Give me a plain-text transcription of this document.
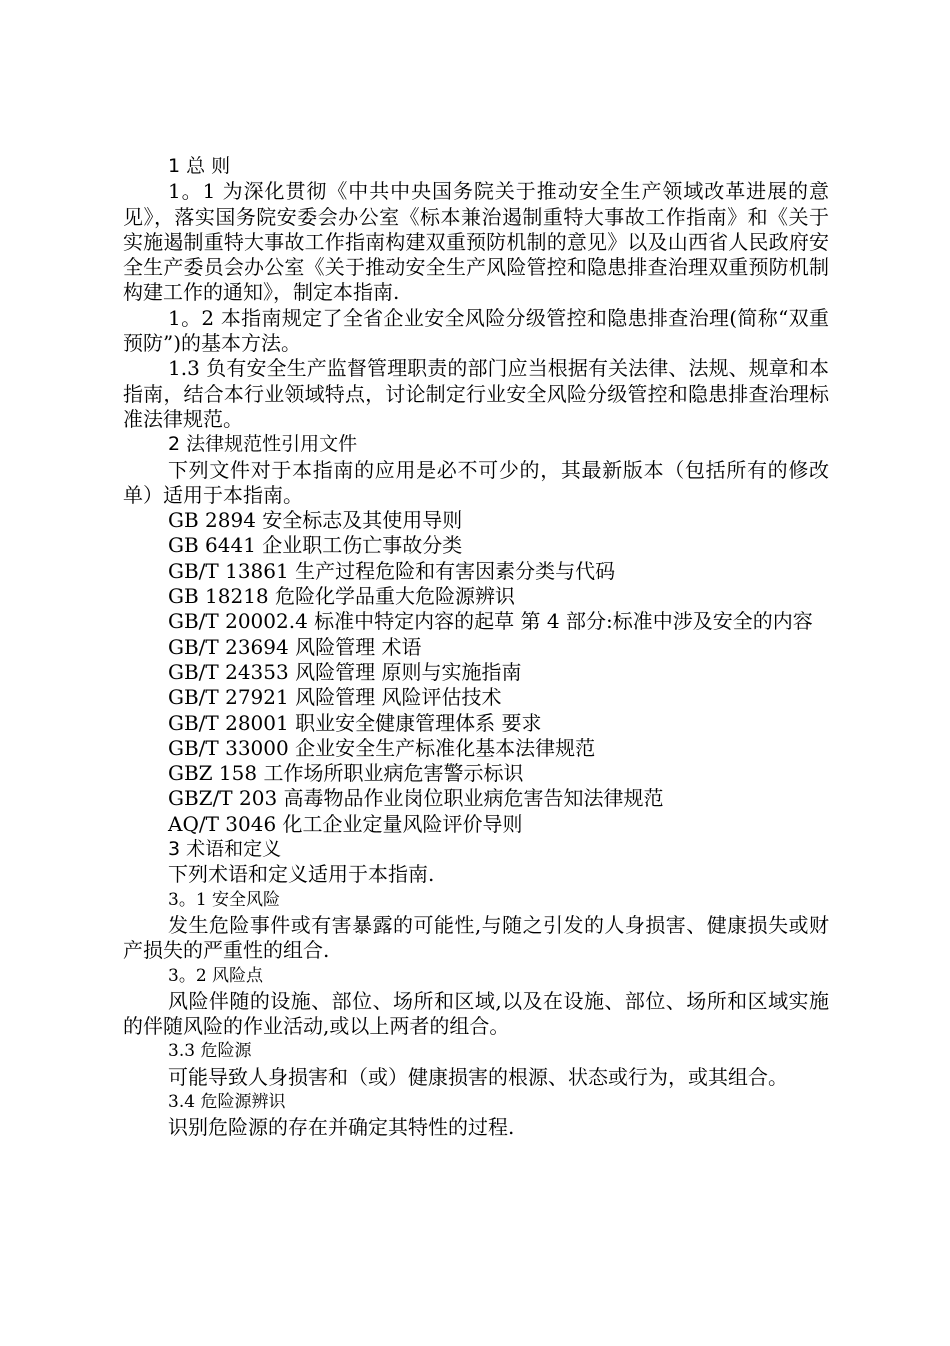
1 总 则

1。1 为深化贯彻《中共中央国务院关于推动安全生产领域改革进展的意见》，落实国务院安委会办公室《标本兼治遏制重特大事故工作指南》和《关于实施遏制重特大事故工作指南构建双重预防机制的意见》以及山西省人民政府安全生产委员会办公室《关于推动安全生产风险管控和隐患排查治理双重预防机制构建工作的通知》，制定本指南.

1。2 本指南规定了全省企业安全风险分级管控和隐患排查治理(简称“双重预防”)的基本方法。

1.3 负有安全生产监督管理职责的部门应当根据有关法律、法规、规章和本指南，结合本行业领域特点，讨论制定行业安全风险分级管控和隐患排查治理标准法律规范。

2 法律规范性引用文件

下列文件对于本指南的应用是必不可少的，其最新版本（包括所有的修改单）适用于本指南。

GB 2894 安全标志及其使用导则

GB 6441 企业职工伤亡事故分类

GB/T 13861 生产过程危险和有害因素分类与代码

GB 18218 危险化学品重大危险源辨识

GB/T 20002.4 标准中特定内容的起草 第 4 部分:标准中涉及安全的内容

GB/T 23694 风险管理 术语

GB/T 24353 风险管理 原则与实施指南

GB/T 27921 风险管理 风险评估技术

GB/T 28001 职业安全健康管理体系 要求

GB/T 33000 企业安全生产标准化基本法律规范

GBZ 158 工作场所职业病危害警示标识

GBZ/T 203 高毒物品作业岗位职业病危害告知法律规范

AQ/T 3046 化工企业定量风险评价导则

3 术语和定义

下列术语和定义适用于本指南.

3。1 安全风险

发生危险事件或有害暴露的可能性,与随之引发的人身损害、健康损失或财产损失的严重性的组合.

3。2 风险点

风险伴随的设施、部位、场所和区域,以及在设施、部位、场所和区域实施的伴随风险的作业活动,或以上两者的组合。

3.3 危险源

可能导致人身损害和（或）健康损害的根源、状态或行为，或其组合。

3.4 危险源辨识

识别危险源的存在并确定其特性的过程.
